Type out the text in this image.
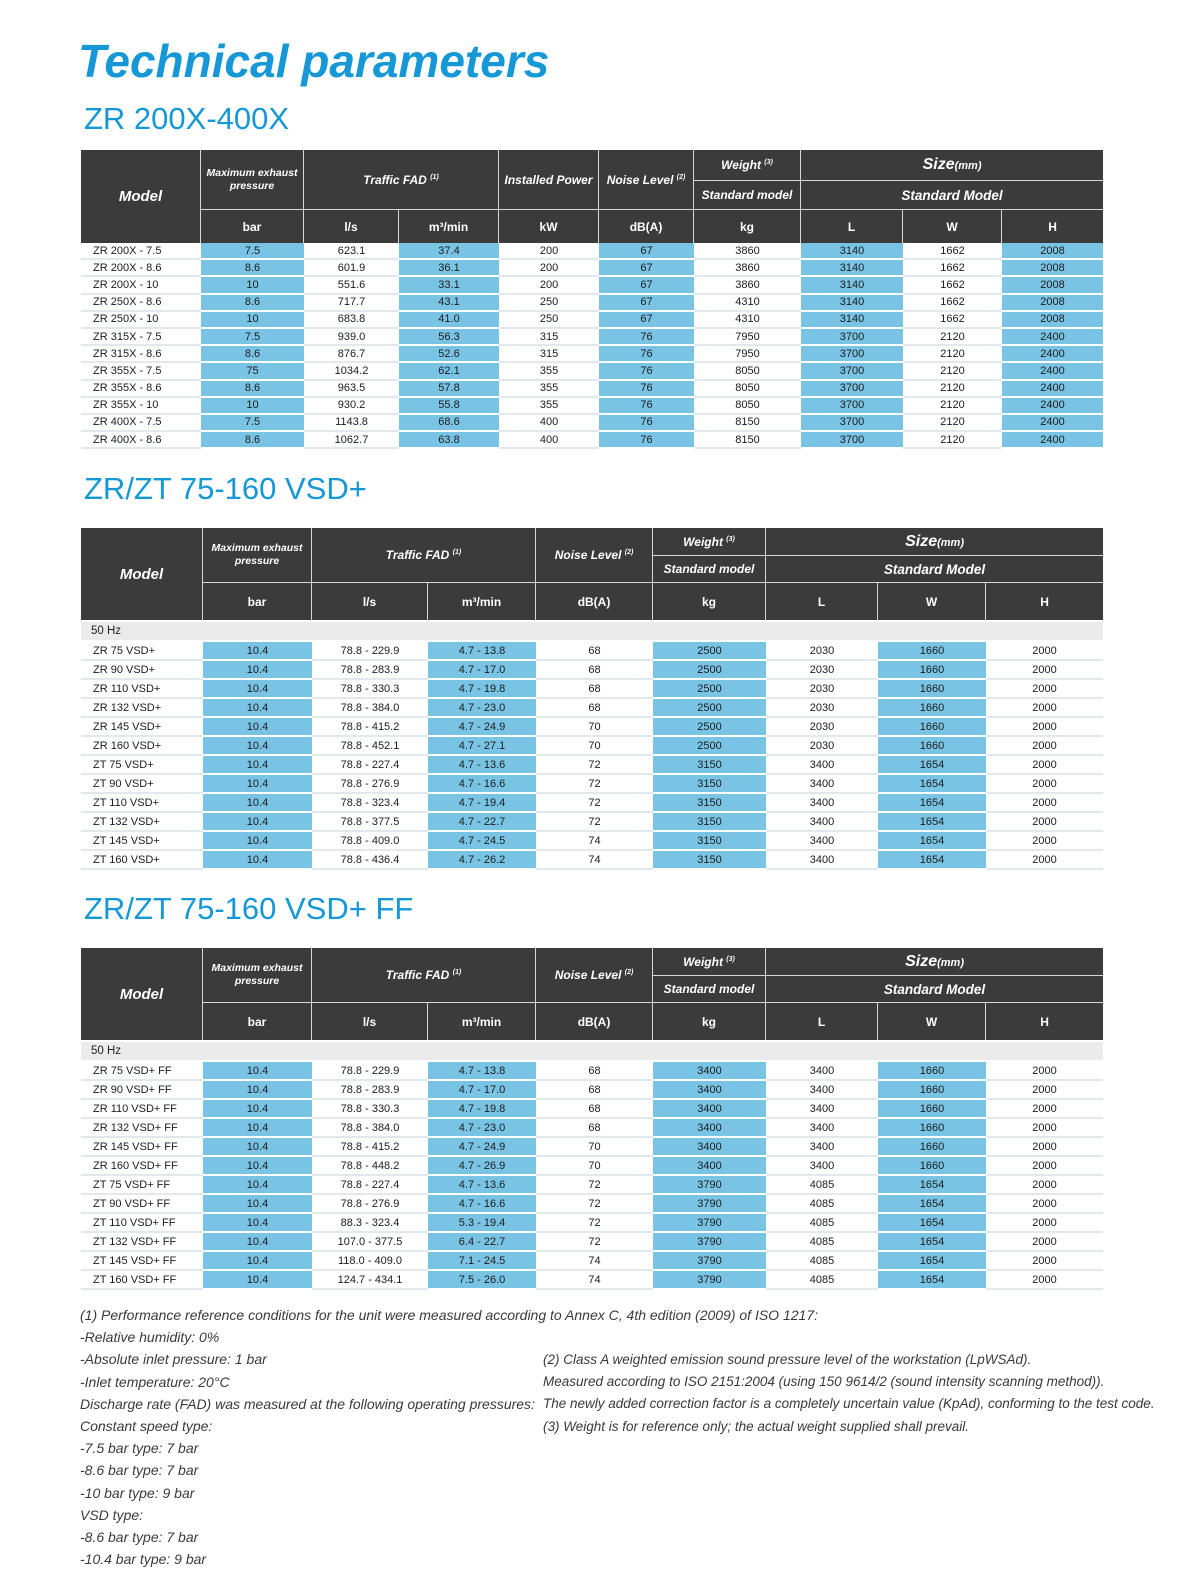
Technical parameters
ZR 200X-400X
ZR/ZT 75-160 VSD+
ZR/ZT 75-160 VSD+ FF
Model	Maximum exhaust
pressure	Traffic FAD $^{(1)}$		Installed Power	Noise Level $^{(2)}$	Weight $^{(3)}$	Size(mm)		
						Standard model	Standard Model		
	bar	l/s	m³/min	kW	dB(A)	kg	L	W	H
ZR 200X - 7.5	7.5	623.1	37.4	200	67	3860	3140	1662	2008
ZR 200X - 8.6	8.6	601.9	36.1	200	67	3860	3140	1662	2008
ZR 200X - 10	10	551.6	33.1	200	67	3860	3140	1662	2008
ZR 250X - 8.6	8.6	717.7	43.1	250	67	4310	3140	1662	2008
ZR 250X - 10	10	683.8	41.0	250	67	4310	3140	1662	2008
ZR 315X - 7.5	7.5	939.0	56.3	315	76	7950	3700	2120	2400
ZR 315X - 8.6	8.6	876.7	52.6	315	76	7950	3700	2120	2400
ZR 355X - 7.5	75	1034.2	62.1	355	76	8050	3700	2120	2400
ZR 355X - 8.6	8.6	963.5	57.8	355	76	8050	3700	2120	2400
ZR 355X - 10	10	930.2	55.8	355	76	8050	3700	2120	2400
ZR 400X - 7.5	7.5	1143.8	68.6	400	76	8150	3700	2120	2400
ZR 400X - 8.6	8.6	1062.7	63.8	400	76	8150	3700	2120	2400
Model	Maximum exhaust
pressure	Traffic FAD $^{(1)}$		Noise Level $^{(2)}$	Weight $^{(3)}$	Size(mm)		
					Standard model	Standard Model		
	bar	l/s	m³/min	dB(A)	kg	L	W	H
50 Hz								
ZR 75 VSD+	10.4	78.8 - 229.9	4.7 - 13.8	68	2500	2030	1660	2000
ZR 90 VSD+	10.4	78.8 - 283.9	4.7 - 17.0	68	2500	2030	1660	2000
ZR 110 VSD+	10.4	78.8 - 330.3	4.7 - 19.8	68	2500	2030	1660	2000
ZR 132 VSD+	10.4	78.8 - 384.0	4.7 - 23.0	68	2500	2030	1660	2000
ZR 145 VSD+	10.4	78.8 - 415.2	4.7 - 24.9	70	2500	2030	1660	2000
ZR 160 VSD+	10.4	78.8 - 452.1	4.7 - 27.1	70	2500	2030	1660	2000
ZT 75 VSD+	10.4	78.8 - 227.4	4.7 - 13.6	72	3150	3400	1654	2000
ZT 90 VSD+	10.4	78.8 - 276.9	4.7 - 16.6	72	3150	3400	1654	2000
ZT 110 VSD+	10.4	78.8 - 323.4	4.7 - 19.4	72	3150	3400	1654	2000
ZT 132 VSD+	10.4	78.8 - 377.5	4.7 - 22.7	72	3150	3400	1654	2000
ZT 145 VSD+	10.4	78.8 - 409.0	4.7 - 24.5	74	3150	3400	1654	2000
ZT 160 VSD+	10.4	78.8 - 436.4	4.7 - 26.2	74	3150	3400	1654	2000
Model	Maximum exhaust
pressure	Traffic FAD $^{(1)}$		Noise Level $^{(2)}$	Weight $^{(3)}$	Size(mm)		
					Standard model	Standard Model		
	bar	l/s	m³/min	dB(A)	kg	L	W	H
50 Hz								
ZR 75 VSD+ FF	10.4	78.8 - 229.9	4.7 - 13.8	68	3400	3400	1660	2000
ZR 90 VSD+ FF	10.4	78.8 - 283.9	4.7 - 17.0	68	3400	3400	1660	2000
ZR 110 VSD+ FF	10.4	78.8 - 330.3	4.7 - 19.8	68	3400	3400	1660	2000
ZR 132 VSD+ FF	10.4	78.8 - 384.0	4.7 - 23.0	68	3400	3400	1660	2000
ZR 145 VSD+ FF	10.4	78.8 - 415.2	4.7 - 24.9	70	3400	3400	1660	2000
ZR 160 VSD+ FF	10.4	78.8 - 448.2	4.7 - 26.9	70	3400	3400	1660	2000
ZT 75 VSD+ FF	10.4	78.8 - 227.4	4.7 - 13.6	72	3790	4085	1654	2000
ZT 90 VSD+ FF	10.4	78.8 - 276.9	4.7 - 16.6	72	3790	4085	1654	2000
ZT 110 VSD+ FF	10.4	88.3 - 323.4	5.3 - 19.4	72	3790	4085	1654	2000
ZT 132 VSD+ FF	10.4	107.0 - 377.5	6.4 - 22.7	72	3790	4085	1654	2000
ZT 145 VSD+ FF	10.4	118.0 - 409.0	7.1 - 24.5	74	3790	4085	1654	2000
ZT 160 VSD+ FF	10.4	124.7 - 434.1	7.5 - 26.0	74	3790	4085	1654	2000
(1) Performance reference conditions for the unit were measured according to Annex C, 4th edition (2009) of ISO 1217:
-Relative humidity: 0%
-Absolute inlet pressure: 1 bar
-Inlet temperature: 20°C
Discharge rate (FAD) was measured at the following operating pressures:
Constant speed type:
-7.5 bar type: 7 bar
-8.6 bar type: 7 bar
-10 bar type: 9 bar
VSD type:
-8.6 bar type: 7 bar
-10.4 bar type: 9 bar
(2) Class A weighted emission sound pressure level of the workstation (LpWSAd).
Measured according to ISO 2151:2004 (using 150 9614/2 (sound intensity scanning method)).
The newly added correction factor is a completely uncertain value (KpAd), conforming to the test code.
(3) Weight is for reference only; the actual weight supplied shall prevail.
